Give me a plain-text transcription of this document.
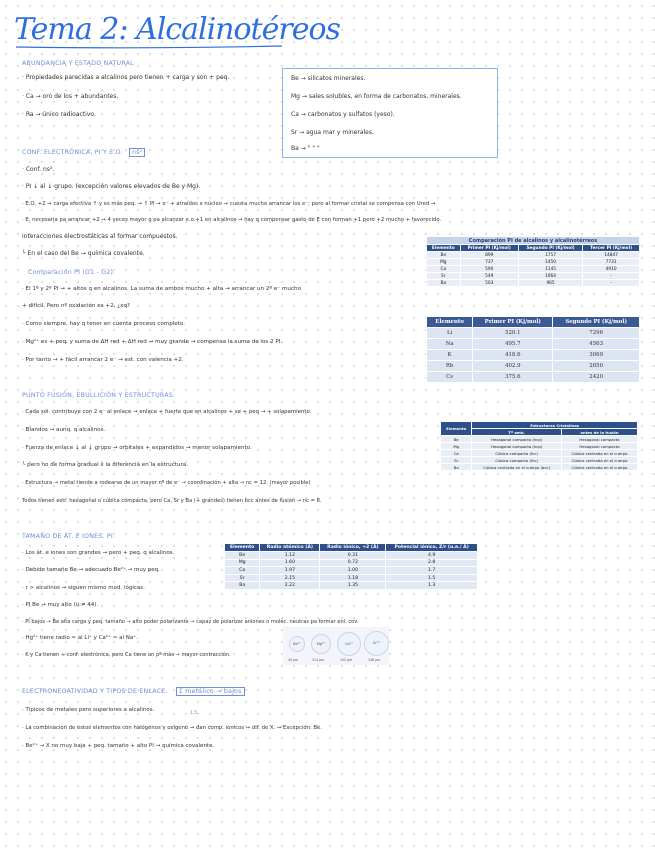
Tema 2: Alcalinotéreos
ABUNDANCIA Y ESTADO NATURAL
· Propiedades parecidas a alcalinos pero tienen + carga y son + peq.
· Ca → oro de los + abundantes.
· Ra → único radioactivo.
Be → silicatos minerales.
Mg → sales solubles, en forma de carbonatos, minerales.
Ca → carbonatos y sulfatos (yeso).
Sr → agua mar y minerales.
Ba → " " "
CONF. ELECTRÓNICA, PI Y E.O. ns²
· Conf. ns².
· PI ↓ al ↓ grupo. (excepción valores elevados de Be y Mg).
· E.O. +2 → carga efectiva ↑ y es más peq. → ↑ PI → e⁻ + atraídos x núcleo → cuesta mucho arrancar los e⁻; pero al formar cristal se compensa con Ured →
· E. necesaria pa arrancar +2 → 4 veces mayor q pa alcanzar e.o.+1 en alcalinos → hay q compensar gasto de E con forman +1 pero +2 mucho + favorecido.
interacciones electrostáticas al formar compuestos.
└ En el caso del Be → química covalente.
Comparación PI (G1 - G2).
· El 1º y 2º PI → + altos q en alcalinos. La suma de ambos mucho + alta → arrancar un 2º e⁻ mucho
+ difícil. Pero nº oxidación es +2, ¿xq?
· Como siempre, hay q tener en cuenta proceso completo.
· Mg²⁺ es + peq. y suma de ΔH red + ΔH red → muy grande → compensa la suma de los 2 PI.
· Por tanto → + fácil arrancar 2 e⁻ → est. con valencia +2.
Comparación PI de alcalinos y alcalinotérreos			
Elemento	Primer PI (Kj/mol)	Segundo PI (Kj/mol)	Tercer PI (Kj/mol)
Be	899	1757	14847
Mg	737	1450	7731
Ca	590	1145	4910
Sr	549	1064	-
Ba	503	965	-
Elemento	Primer PI (Kj/mol)	Segundo PI (Kj/mol)
Li	520.1	7296
Na	495.7	4563
K	418.6	3069
Rb	402.9	2650
Cs	375.6	2420
PUNTO FUSIÓN, EBULLICIÓN Y ESTRUCTURAS.
· Cada sól. contribuye con 2 e⁻ al enlace → enlace + fuerte que en alcalinos + se + peq → + solapamiento.
· Blandos → aunq. q alcalinos.
· Fuerza de enlace ↓ al ↓ grupo → orbitales + expandidos → menor solapamiento.
└ pero no de forma gradual x la diferencia en la estructura.
· Estructura → metal tiende a rodearse de un mayor nº de e⁻ → coordinación + alta → nc = 12. (mayor posible)
Todos tienen estr. hexagonal o cúbica compacta, pero Ca, Sr y Ba (+ grandes) tienen bcc antes de fusión → nc = 8.
Elemento	Estructuras Cristalinas	
	Tª amb.	antes de la fusión
Be	Hexagonal compacta (hcp)	Hexagonal compacta
Mg	Hexagonal compacta (hcp)	Hexagonal compacta
Ca	Cúbica compacta (fcc)	Cúbica centrada en el cuerpo
Sr	Cúbica compacta (fcc)	Cúbica centrada en el cuerpo
Ba	Cúbica centrada en el cuerpo (bcc)	Cúbica centrada en el cuerpo
TAMAÑO DE ÁT. E IONES. PI.
· Los át. e iones son grandes → pero + peq. q alcalinos.
· Debido tamaño Be → adecuado Be²⁺ → muy peq.
· r > alcalinos → siguen mismo mod. lógicas.
· PI Be → muy alto (ü:≠ 44).
· PI bajos → Be alta carga y peq. tamaño → alto poder polarizante → capaz de polarizar aniones o moléc. neutras pa formar enl. cov.
· Hg²⁺ tiene radio ≈ al Li⁺ y Ca²⁺ ≈ al Na⁺.
· K y Ca tienen ≈ conf. electrónica, pero Ca tiene un pº más → mayor contracción.
Elemento	Radio atómico (Å)	Radio iónico, +2 (Å)	Potencial iónico, Z/r (u.e./ Å)
Be	1.12	0.31	4.9
Mg	1.60	0.72	2.8
Ca	1.97	1.00	1.7
Sr	2.15	1.18	1.5
Ba	2.22	1.35	1.3
Be²⁺	Mg²⁺	Ca²⁺	Sr²⁺
44 pm	114 pm	152 pm	148 pm
ELECTRONEGATIVIDAD Y TIPOS DE ENLACE. Σ metálico → bajos
1,5
· Típicos de metales pero superiores a alcalinos.
· La combinación de estos elementos con halógenos y oxígeno → dan comp. iónicos → dif. de X. → Excepción: Be.
· Be²⁺ → X no muy baja + peq. tamaño + alto PI → química covalente.
